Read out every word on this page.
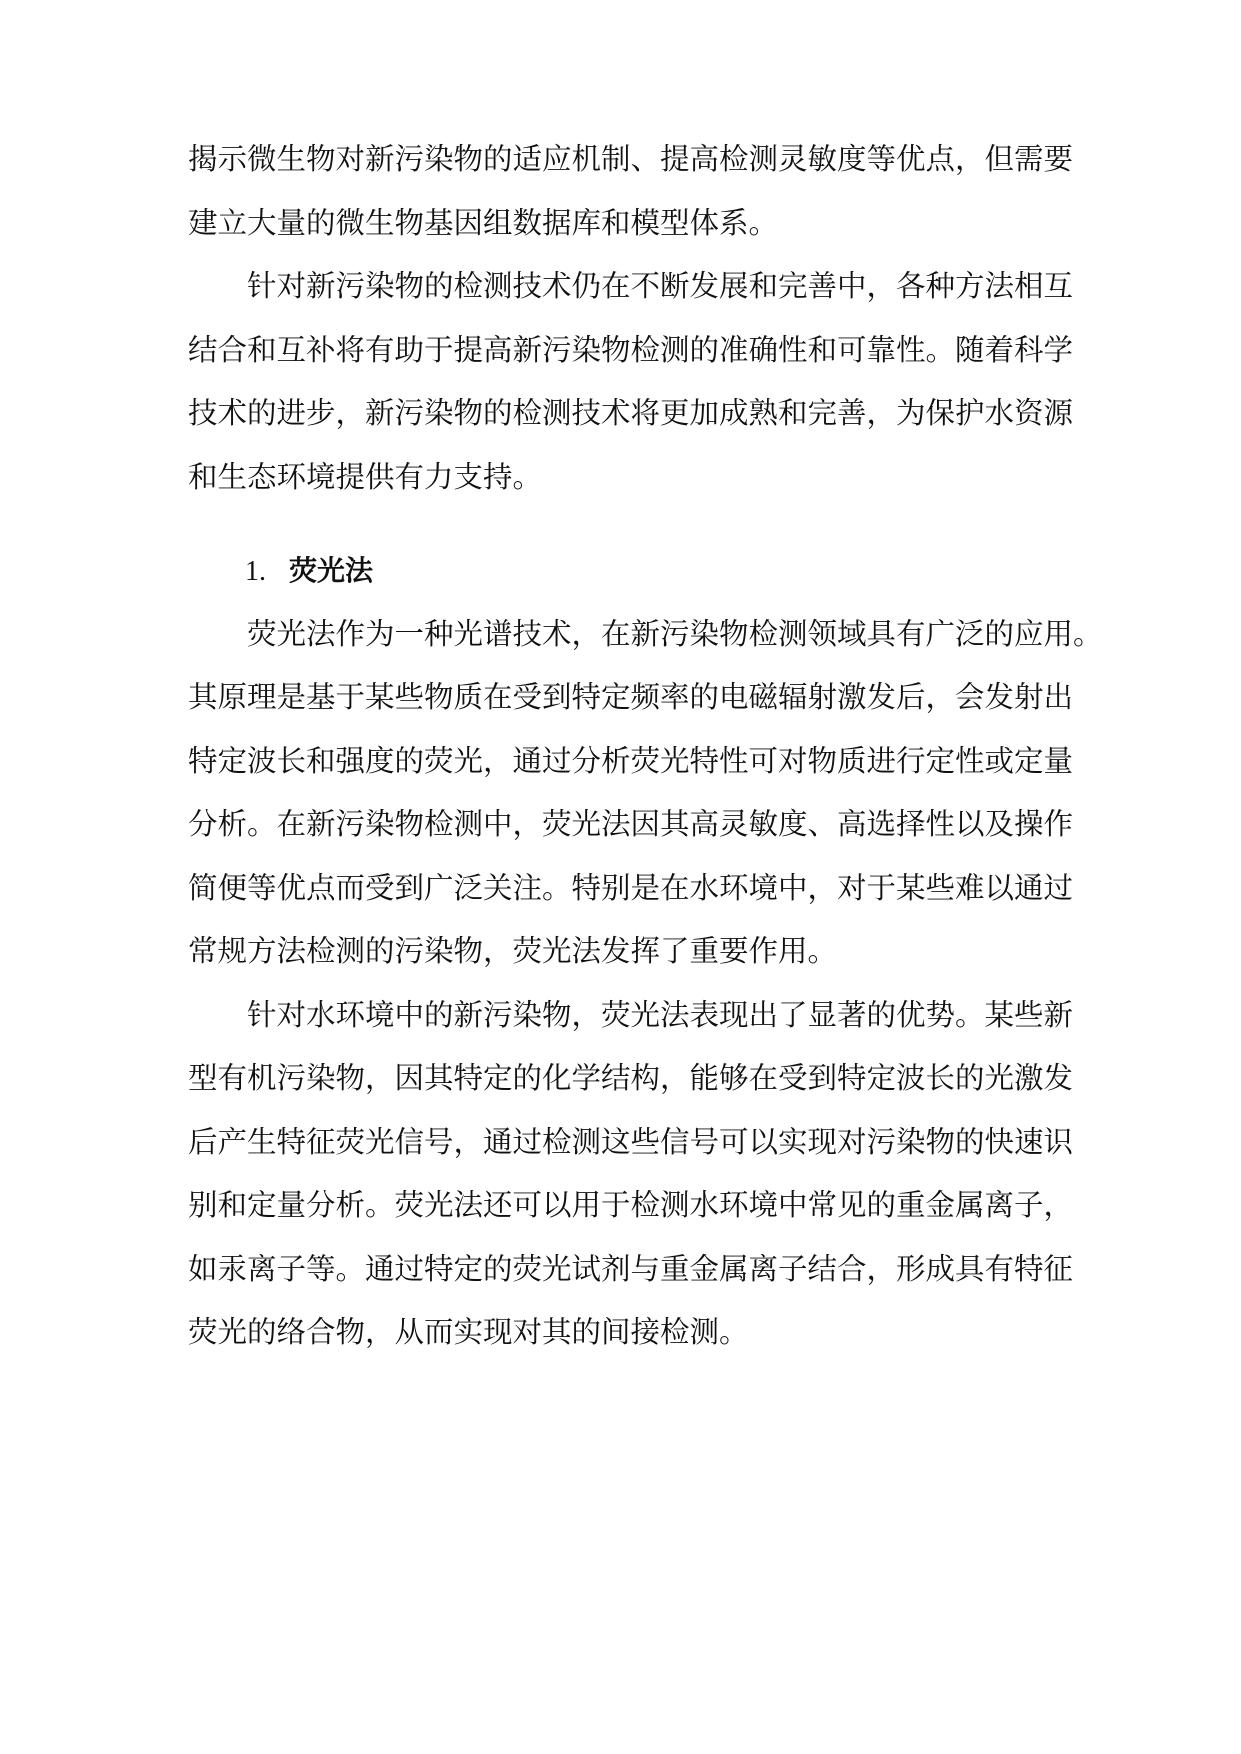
揭示微生物对新污染物的适应机制、提高检测灵敏度等优点，但需要
建立大量的微生物基因组数据库和模型体系。
针对新污染物的检测技术仍在不断发展和完善中，各种方法相互
结合和互补将有助于提高新污染物检测的准确性和可靠性。随着科学
技术的进步，新污染物的检测技术将更加成熟和完善，为保护水资源
和生态环境提供有力支持。
1. 荧光法
荧光法作为一种光谱技术，在新污染物检测领域具有广泛的应用。
其原理是基于某些物质在受到特定频率的电磁辐射激发后，会发射出
特定波长和强度的荧光，通过分析荧光特性可对物质进行定性或定量
分析。在新污染物检测中，荧光法因其高灵敏度、高选择性以及操作
简便等优点而受到广泛关注。特别是在水环境中，对于某些难以通过
常规方法检测的污染物，荧光法发挥了重要作用。
针对水环境中的新污染物，荧光法表现出了显著的优势。某些新
型有机污染物，因其特定的化学结构，能够在受到特定波长的光激发
后产生特征荧光信号，通过检测这些信号可以实现对污染物的快速识
别和定量分析。荧光法还可以用于检测水环境中常见的重金属离子，
如汞离子等。通过特定的荧光试剂与重金属离子结合，形成具有特征
荧光的络合物，从而实现对其的间接检测。
